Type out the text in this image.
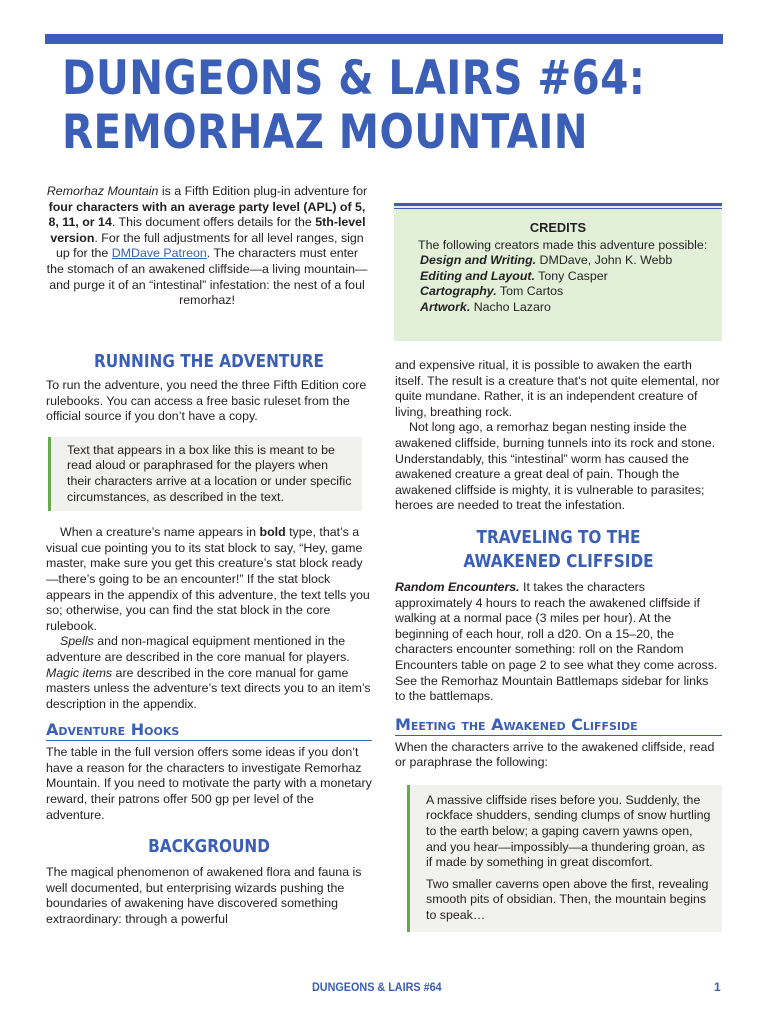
DUNGEONS & LAIRS #64:
REMORHAZ MOUNTAIN
Remorhaz Mountain is a Fifth Edition plug-in adventure for four characters with an average party level (APL) of 5, 8, 11, or 14. This document offers details for the 5th-level version. For the full adjustments for all level ranges, sign up for the DMDave Patreon. The characters must enter the stomach of an awakened cliffside—a living mountain—and purge it of an “intestinal” infestation: the nest of a foul remorhaz!
RUNNING THE ADVENTURE

To run the adventure, you need the three Fifth Edition core rulebooks. You can access a free basic ruleset from the official source if you don’t have a copy.

Text that appears in a box like this is meant to be read aloud or paraphrased for the players when their characters arrive at a location or under specific circumstances, as described in the text.

When a creature’s name appears in bold type, that’s a visual cue pointing you to its stat block to say, “Hey, game master, make sure you get this creature’s stat block ready—there’s going to be an encounter!” If the stat block appears in the appendix of this adventure, the text tells you so; otherwise, you can find the stat block in the core rulebook.

Spells and non-magical equipment mentioned in the adventure are described in the core manual for players. Magic items are described in the core manual for game masters unless the adventure’s text directs you to an item’s description in the appendix.

Adventure Hooks

The table in the full version offers some ideas if you don’t have a reason for the characters to investigate Remorhaz Mountain. If you need to motivate the party with a monetary reward, their patrons offer 500 gp per level of the adventure.

BACKGROUND

The magical phenomenon of awakened flora and fauna is well documented, but enterprising wizards pushing the boundaries of awakening have discovered something extraordinary: through a powerful

CREDITS
The following creators made this adventure possible:
Design and Writing. DMDave, John K. Webb
Editing and Layout. Tony Casper
Cartography. Tom Cartos
Artwork. Nacho Lazaro

and expensive ritual, it is possible to awaken the earth itself. The result is a creature that’s not quite elemental, nor quite mundane. Rather, it is an independent creature of living, breathing rock.

Not long ago, a remorhaz began nesting inside the awakened cliffside, burning tunnels into its rock and stone. Understandably, this “intestinal” worm has caused the awakened creature a great deal of pain. Though the awakened cliffside is mighty, it is vulnerable to parasites; heroes are needed to treat the infestation.

TRAVELING TO THE
AWAKENED CLIFFSIDE

Random Encounters. It takes the characters approximately 4 hours to reach the awakened cliffside if walking at a normal pace (3 miles per hour). At the beginning of each hour, roll a d20. On a 15–20, the characters encounter something: roll on the Random Encounters table on page 2 to see what they come across. See the Remorhaz Mountain Battlemaps sidebar for links to the battlemaps.

Meeting the Awakened Cliffside

When the characters arrive to the awakened cliffside, read or paraphrase the following:

A massive cliffside rises before you. Suddenly, the rockface shudders, sending clumps of snow hurtling to the earth below; a gaping cavern yawns open, and you hear—impossibly—a thundering groan, as if made by something in great discomfort.

Two smaller caverns open above the first, revealing smooth pits of obsidian. Then, the mountain begins to speak…

DUNGEONS & LAIRS #64	1
